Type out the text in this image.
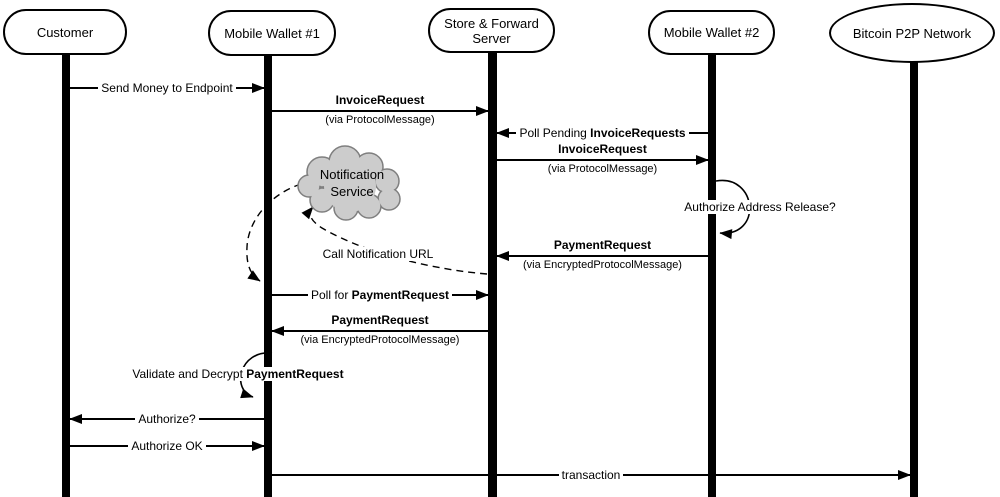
Notification
Service
Customer	Mobile Wallet #1
Store & Forward Server	Mobile Wallet #2	Bitcoin P2P Network
Send Money to Endpoint
InvoiceRequest
(via ProtocolMessage)
Poll Pending InvoiceRequests
InvoiceRequest
(via ProtocolMessage)
Authorize Address Release?
PaymentRequest
(via EncryptedProtocolMessage)
Call Notification URL
Poll for PaymentRequest
PaymentRequest
(via EncryptedProtocolMessage)
Validate and Decrypt PaymentRequest
Authorize?
Authorize OK
transaction
